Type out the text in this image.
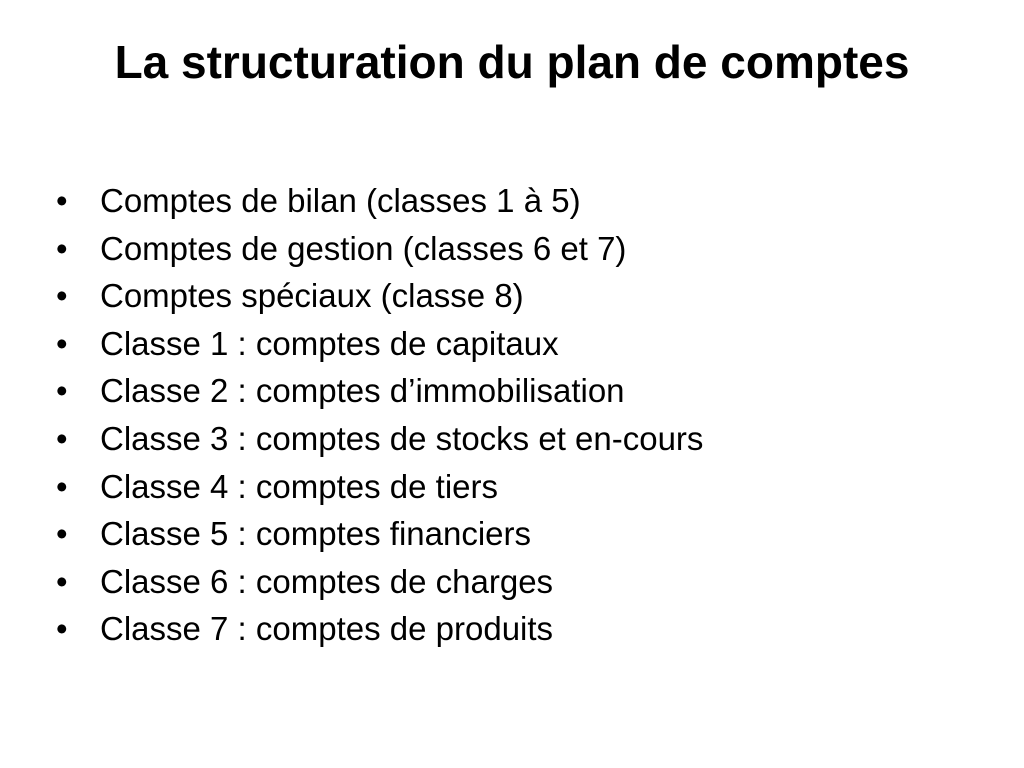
La structuration du plan de comptes
• Comptes de bilan (classes 1 à 5)
• Comptes de gestion (classes 6 et 7)
• Comptes spéciaux (classe 8)
• Classe 1 : comptes de capitaux
• Classe 2 : comptes d’immobilisation
• Classe 3 : comptes de stocks et en-cours
• Classe 4 : comptes de tiers
• Classe 5 : comptes financiers
• Classe 6 : comptes de charges
• Classe 7 : comptes de produits
